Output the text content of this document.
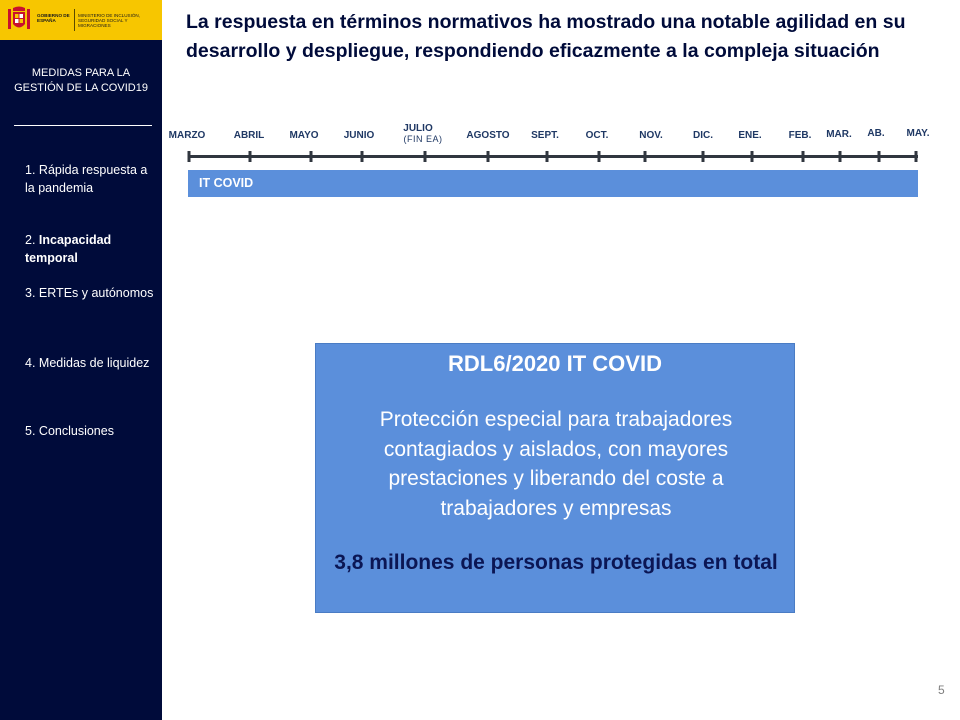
GOBIERNO DE ESPAÑA
MINISTERIO DE INCLUSIÓN, SEGURIDAD SOCIAL Y MIGRACIONES
MEDIDAS PARA LA GESTIÓN DE LA COVID19
1. Rápida respuesta a la pandemia
2. Incapacidad temporal
3. ERTEs y autónomos
4. Medidas de liquidez
5. Conclusiones
La respuesta en términos normativos ha mostrado una notable agilidad en su desarrollo y despliegue, respondiendo eficazmente a la compleja situación
MARZO	ABRIL	MAYO	JUNIO
JULIO
(FIN EA) AGOSTO SEPT.	OCT.	NOV.	DIC.	ENE.	FEB. MAR. AB. MAY.
IT COVID
RDL6/2020 IT COVID
Protección especial para trabajadores contagiados y aislados, con mayores prestaciones y liberando del coste a trabajadores y empresas
3,8 millones de personas protegidas en total
5
